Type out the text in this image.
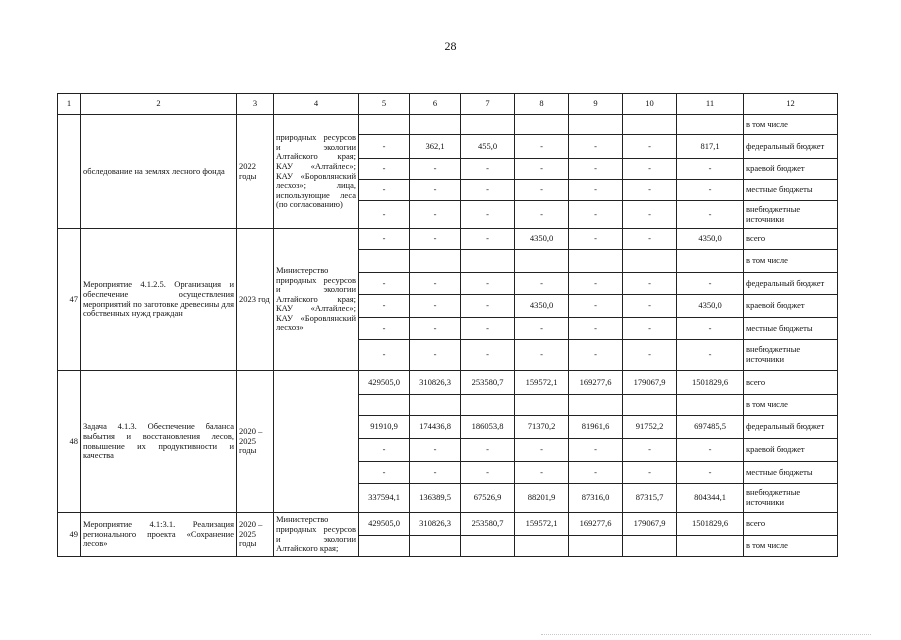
28
1	2	3	4	5	6	7	8	9	10	11	12
	обследование на землях лесного фонда	2022 годы	природных ресурсов и экологии Алтайского края; КАУ «Алтайлес»; КАУ «Боровлянский лесхоз»; лица, использующие леса (по согласованию)								в том числе
				-	362,1	455,0	-	-	-	817,1	федеральный бюджет
				-	-	-	-	-	-	-	краевой бюджет
				-	-	-	-	-	-	-	местные бюджеты
				-	-	-	-	-	-	-	внебюджетные источники
47	Мероприятие 4.1.2.5. Организация и обеспечение осуществления мероприятий по заготовке древесины для собственных нужд граждан	2023 год	Министерство природных ресурсов и экологии Алтайского края; КАУ «Алтайлес»; КАУ «Боровлянский лесхоз»	-	-	-	4350,0	-	-	4350,0	всего
											в том числе
				-	-	-	-	-	-	-	федеральный бюджет
				-	-	-	4350,0	-	-	4350,0	краевой бюджет
				-	-	-	-	-	-	-	местные бюджеты
				-	-	-	-	-	-	-	внебюджетные источники
48	Задача 4.1.3. Обеспечение баланса выбытия и восстановления лесов, повышение их продуктивности и качества	2020 – 2025 годы		429505,0	310826,3	253580,7	159572,1	169277,6	179067,9	1501829,6	всего
											в том числе
				91910,9	174436,8	186053,8	71370,2	81961,6	91752,2	697485,5	федеральный бюджет
				-	-	-	-	-	-	-	краевой бюджет
				-	-	-	-	-	-	-	местные бюджеты
				337594,1	136389,5	67526,9	88201,9	87316,0	87315,7	804344,1	внебюджетные источники
49	Мероприятие 4.1:3.1. Реализация регионального проекта «Сохранение лесов»	2020 – 2025 годы	Министерство природных ресурсов и экологии Алтайского края;	429505,0	310826,3	253580,7	159572,1	169277,6	179067,9	1501829,6	всего
											в том числе
